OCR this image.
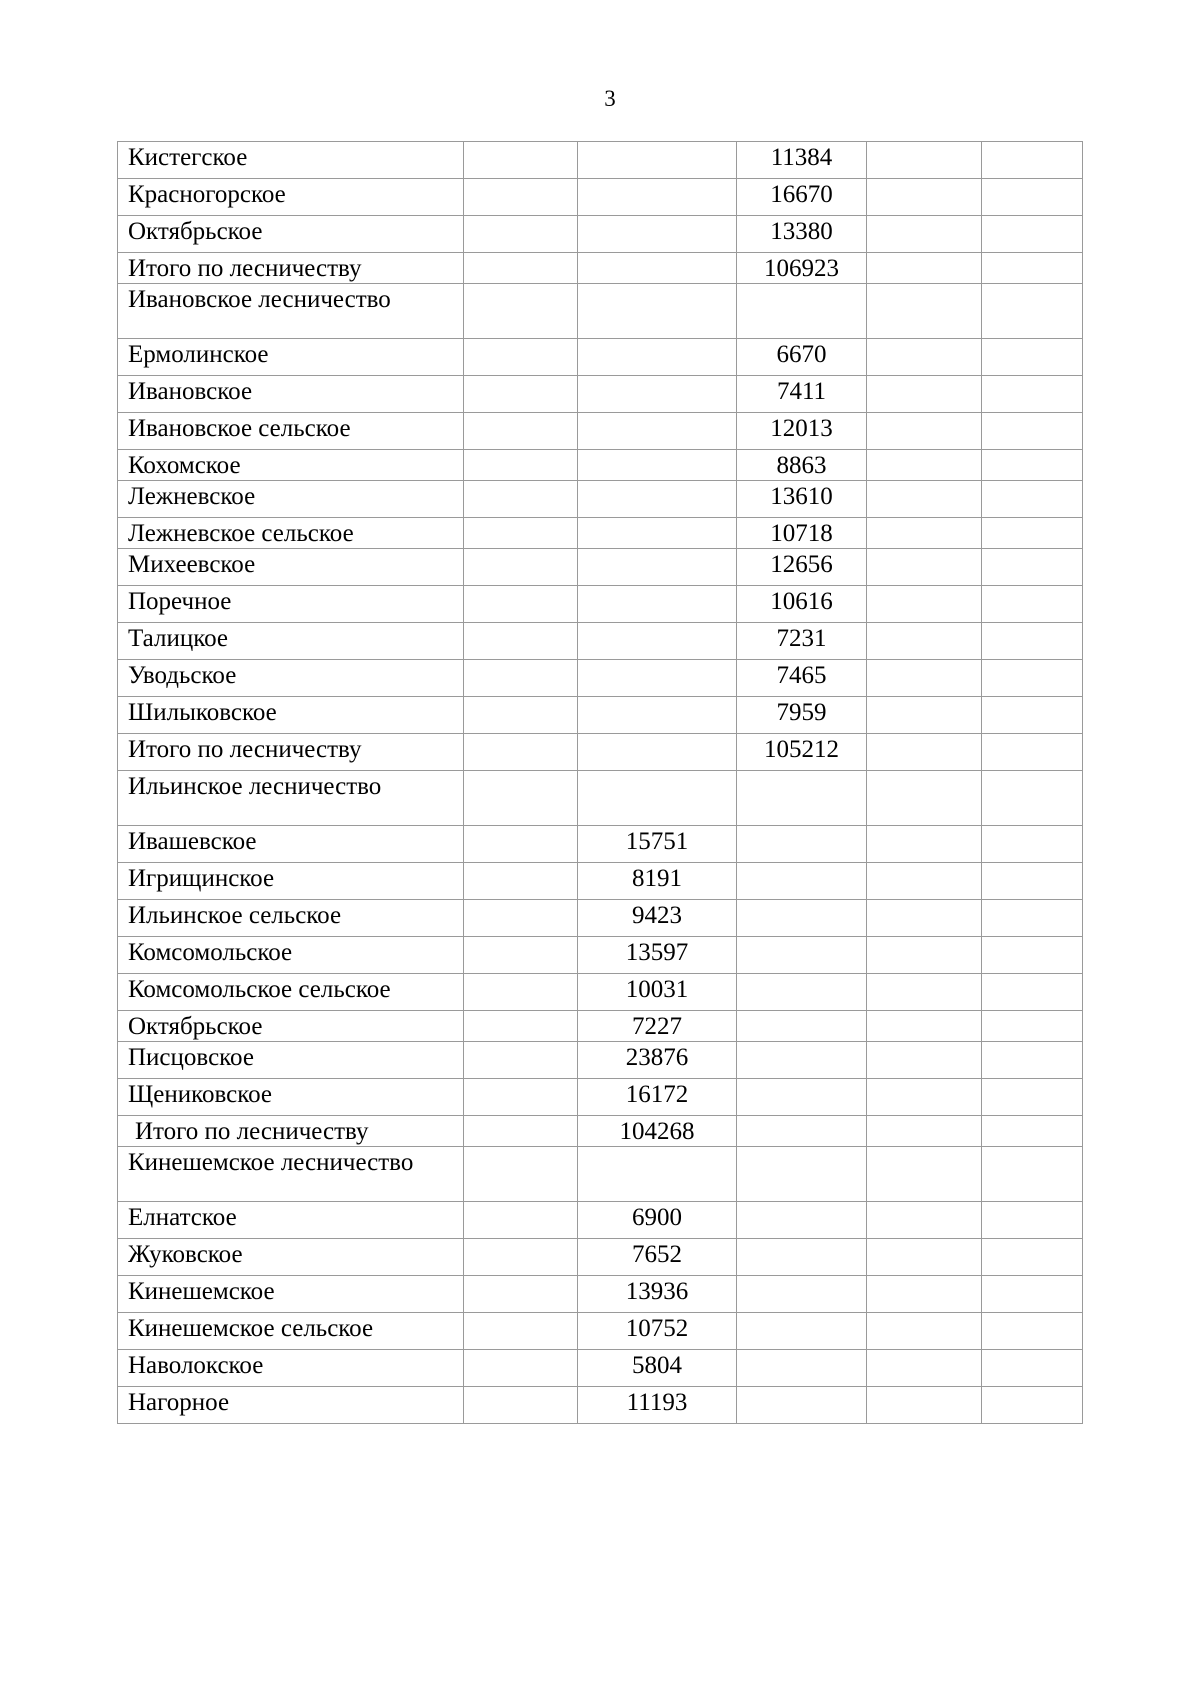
3
Кистегское			11384		
Красногорское			16670		
Октябрьское			13380		
Итого по лесничеству			106923		
Ивановское лесничество					
Ермолинское			6670		
Ивановское			7411		
Ивановское сельское			12013		
Кохомское			8863		
Лежневское			13610		
Лежневское сельское			10718		
Михеевское			12656		
Поречное			10616		
Талицкое			7231		
Уводьское			7465		
Шилыковское			7959		
Итого по лесничеству			105212		
Ильинское лесничество					
Ивашевское		15751			
Игрищинское		8191			
Ильинское сельское		9423			
Комсомольское		13597			
Комсомольское сельское		10031			
Октябрьское		7227			
Писцовское		23876			
Щениковское		16172			
Итого по лесничеству		104268			
Кинешемское лесничество					
Елнатское		6900			
Жуковское		7652			
Кинешемское		13936			
Кинешемское сельское		10752			
Наволокское		5804			
Нагорное		11193			
